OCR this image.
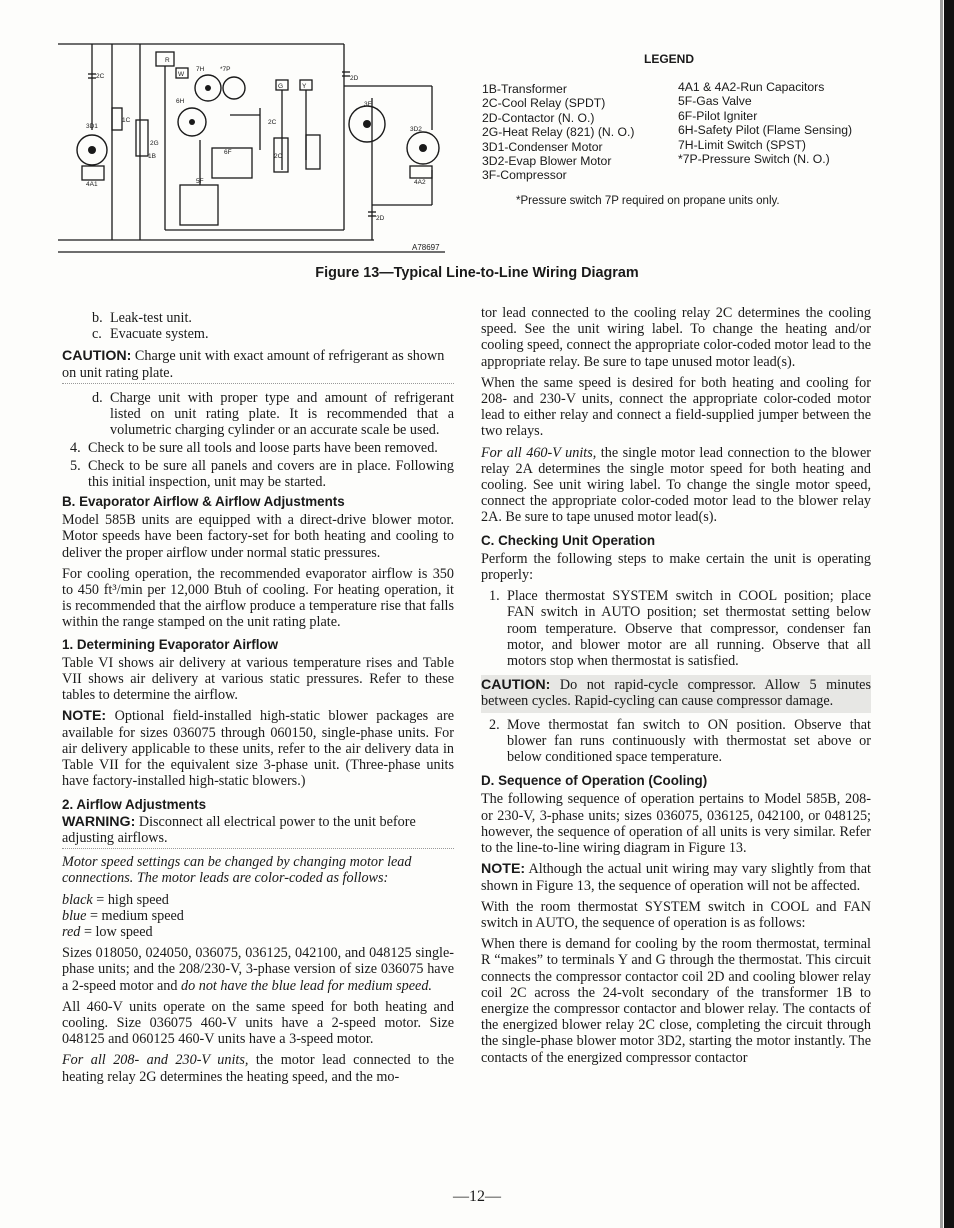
R
W
G	Y
2D
2D
3F
3D1	3D2
4A1	4A2
2C
2G
1B
5F
6F
6H
7H *7P
2C
1C
2C
A78697
LEGEND
1B-Transformer
2C-Cool Relay (SPDT)
2D-Contactor (N. O.)
2G-Heat Relay (821) (N. O.)
3D1-Condenser Motor
3D2-Evap Blower Motor
3F-Compressor
4A1 & 4A2-Run Capacitors
5F-Gas Valve
6F-Pilot Igniter
6H-Safety Pilot (Flame Sensing)
7H-Limit Switch (SPST)
*7P-Pressure Switch (N. O.)
*Pressure switch 7P required on propane units only.
Figure 13—Typical Line-to-Line Wiring Diagram
b. Leak-test unit.
c. Evacuate system.
CAUTION: Charge unit with exact amount of refrigerant as shown on unit rating plate.
d. Charge unit with proper type and amount of refrigerant listed on unit rating plate. It is recommended that a volumetric charging cylinder or an accurate scale be used.
4. Check to be sure all tools and loose parts have been removed.
5. Check to be sure all panels and covers are in place. Following this initial inspection, unit may be started.
B. Evaporator Airflow & Airflow Adjustments

Model 585B units are equipped with a direct-drive blower motor. Motor speeds have been factory-set for both heating and cooling to deliver the proper airflow under normal static pressures.

For cooling operation, the recommended evaporator airflow is 350 to 450 ft³/min per 12,000 Btuh of cooling. For heating operation, it is recommended that the airflow produce a temperature rise that falls within the range stamped on the unit rating plate.

1. Determining Evaporator Airflow

Table VI shows air delivery at various temperature rises and Table VII shows air delivery at various static pressures. Refer to these tables to determine the airflow.

NOTE: Optional field-installed high-static blower packages are available for sizes 036075 through 060150, single-phase units. For air delivery applicable to these units, refer to the air delivery data in Table VII for the equivalent size 3-phase unit. (Three-phase units have factory-installed high-static blowers.)

2. Airflow Adjustments
WARNING: Disconnect all electrical power to the unit before adjusting airflows.

Motor speed settings can be changed by changing motor lead connections. The motor leads are color-coded as follows:

black = high speed
blue = medium speed
red = low speed

Sizes 018050, 024050, 036075, 036125, 042100, and 048125 single-phase units; and the 208/230-V, 3-phase version of size 036075 have a 2-speed motor and do not have the blue lead for medium speed.

All 460-V units operate on the same speed for both heating and cooling. Size 036075 460-V units have a 2-speed motor. Size 048125 and 060125 460-V units have a 3-speed motor.

For all 208- and 230-V units, the motor lead connected to the heating relay 2G determines the heating speed, and the mo-

tor lead connected to the cooling relay 2C determines the cooling speed. See the unit wiring label. To change the heating and/or cooling speed, connect the appropriate color-coded motor lead to the appropriate relay. Be sure to tape unused motor lead(s).

When the same speed is desired for both heating and cooling for 208- and 230-V units, connect the appropriate color-coded motor lead to either relay and connect a field-supplied jumper between the two relays.

For all 460-V units, the single motor lead connection to the blower relay 2A determines the single motor speed for both heating and cooling. See unit wiring label. To change the single motor speed, connect the appropriate color-coded motor lead to the blower relay 2A. Be sure to tape unused motor lead(s).

C. Checking Unit Operation

Perform the following steps to make certain the unit is operating properly:

1. Place thermostat SYSTEM switch in COOL position; place FAN switch in AUTO position; set thermostat setting below room temperature. Observe that compressor, condenser fan motor, and blower motor are all running. Observe that all motors stop when thermostat is satisfied.
CAUTION: Do not rapid-cycle compressor. Allow 5 minutes between cycles. Rapid-cycling can cause compressor damage.
2. Move thermostat fan switch to ON position. Observe that blower fan runs continuously with thermostat set above or below conditioned space temperature.
D. Sequence of Operation (Cooling)

The following sequence of operation pertains to Model 585B, 208- or 230-V, 3-phase units; sizes 036075, 036125, 042100, or 048125; however, the sequence of operation of all units is very similar. Refer to the line-to-line wiring diagram in Figure 13.

NOTE: Although the actual unit wiring may vary slightly from that shown in Figure 13, the sequence of operation will not be affected.

With the room thermostat SYSTEM switch in COOL and FAN switch in AUTO, the sequence of operation is as follows:

When there is demand for cooling by the room thermostat, terminal R “makes” to terminals Y and G through the thermostat. This circuit connects the compressor contactor coil 2D and cooling blower relay coil 2C across the 24-volt secondary of the transformer 1B to energize the compressor contactor and blower relay. The contacts of the energized blower relay 2C close, completing the circuit through the single-phase blower motor 3D2, starting the motor instantly. The contacts of the energized compressor contactor

—12—
